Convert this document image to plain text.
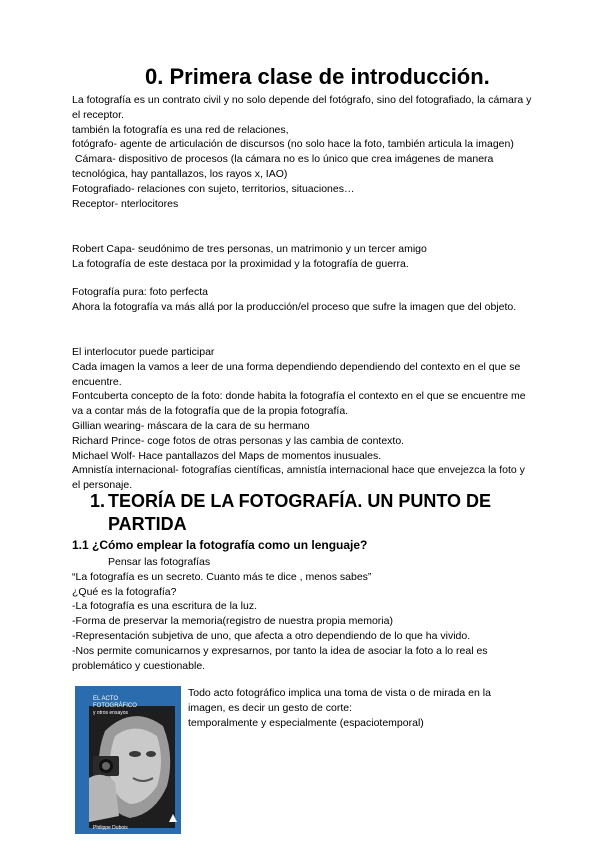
0. Primera clase de introducción.

La fotografía es un contrato civil y no solo depende del fotógrafo, sino del fotografiado, la cámara y el receptor.

también la fotografía es una red de relaciones,

fotógrafo- agente de articulación de discursos (no solo hace la foto, también articula la imagen)

Cámara- dispositivo de procesos (la cámara no es lo único que crea imágenes de manera tecnológica, hay pantallazos, los rayos x, IAO)

Fotografiado- relaciones con sujeto, territorios, situaciones…

Receptor- nterlocitores

Robert Capa- seudónimo de tres personas, un matrimonio y un tercer amigo

La fotografía de este destaca por la proximidad y la fotografía de guerra.

Fotografía pura: foto perfecta

Ahora la fotografía va más allá por la producción/el proceso que sufre la imagen que del objeto.

El interlocutor puede participar

Cada imagen la vamos a leer de una forma dependiendo dependiendo del contexto en el que se encuentre.

Fontcuberta concepto de la foto: donde habita la fotografía el contexto en el que se encuentre me va a contar más de la fotografía que de la propia fotografía.

Gillian wearing- máscara de la cara de su hermano

Richard Prince- coge fotos de otras personas y las cambia de contexto.

Michael Wolf- Hace pantallazos del Maps de momentos inusuales.

Amnistía internacional- fotografías científicas, amnistía internacional hace que envejezca la foto y el personaje.

1. TEORÍA DE LA FOTOGRAFÍA. UN PUNTO DE PARTIDA
1.1 ¿Cómo emplear la fotografía como un lenguaje?

Pensar las fotografías

“La fotografía es un secreto. Cuanto más te dice , menos sabes”

¿Qué es la fotografía?

-La fotografía es una escritura de la luz.

-Forma de preservar la memoria(registro de nuestra propia memoria)

-Representación subjetiva de uno, que afecta a otro dependiendo de lo que ha vivido.

-Nos permite comunicarnos y expresarnos, por tanto la idea de asociar la foto a lo real es problemático y cuestionable.

EL ACTO
FOTOGRÁFICO
y otros ensayos
Philippe Dubois

Todo acto fotográfico implica una toma de vista o de mirada en la imagen, es decir un gesto de corte:

temporalmente y especialmente (espaciotemporal)
